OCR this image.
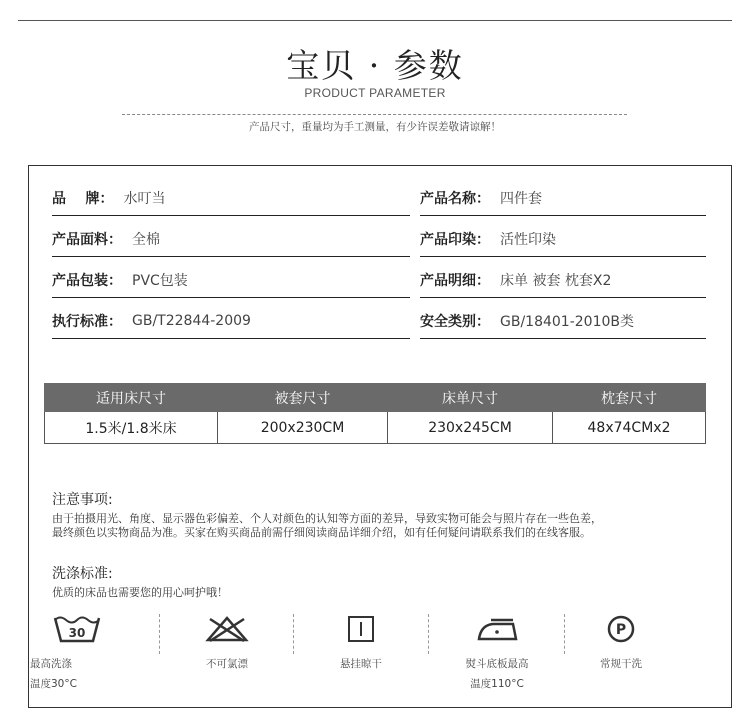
宝贝 · 参数
PRODUCT PARAMETER
产品尺寸，重量均为手工测量，有少许误差敬请谅解！
品    牌： 水叮当	产品名称： 四件套
产品面料： 全棉	产品印染： 活性印染
产品包装： PVC包装	产品明细： 床单 被套 枕套X2
执行标准： GB/T22844-2009	安全类别： GB/18401-2010B类
适用床尺寸	被套尺寸	床单尺寸	枕套尺寸
1.5米/1.8米床	200x230CM	230x245CM	48x74CMx2
注意事项:
由于拍摄用光、角度、显示器色彩偏差、个人对颜色的认知等方面的差异，导致实物可能会与照片存在一些色差，
最终颜色以实物商品为准。买家在购买商品前需仔细阅读商品详细介绍，如有任何疑问请联系我们的在线客服。
洗涤标准:
优质的床品也需要您的用心呵护哦！
30
最高洗涤
温度30°C
不可氯漂	悬挂晾干	熨斗底板最高
温度110°C
P
常规干洗
